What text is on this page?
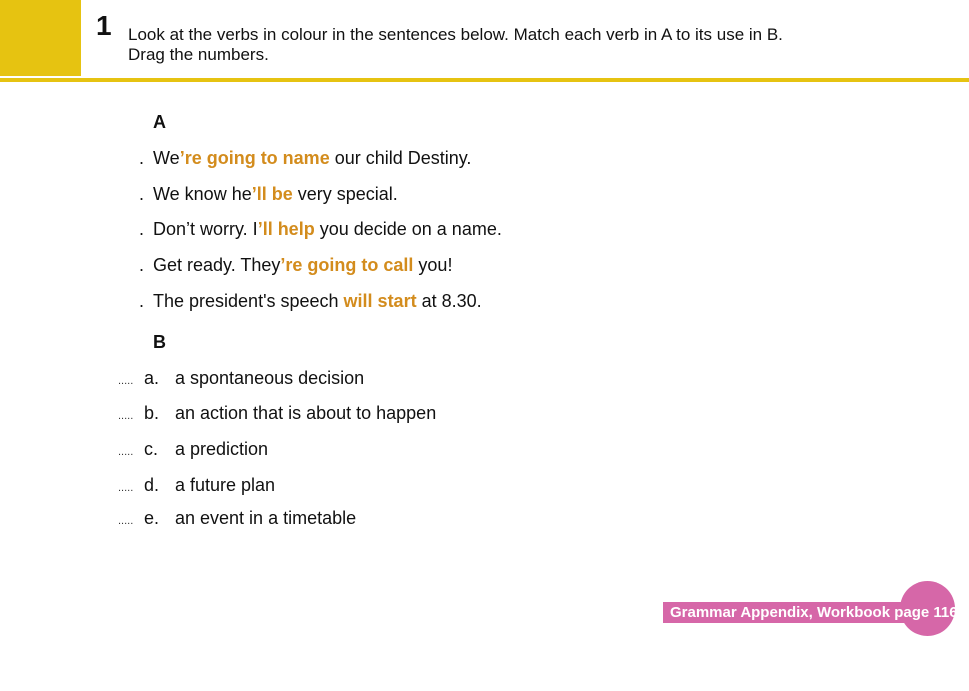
1 Look at the verbs in colour in the sentences below. Match each verb in A to its use in B.
Drag the numbers.
A
. We’re going to name our child Destiny.
. We know he’ll be very special.
. Don’t worry. I’ll help you decide on a name.
. Get ready. They’re going to call you!
. The president's speech will start at 8.30.
B
..... a. a spontaneous decision
..... b. an action that is about to happen
..... c. a prediction
..... d. a future plan
..... e. an event in a timetable
Grammar Appendix, Workbook page 116
